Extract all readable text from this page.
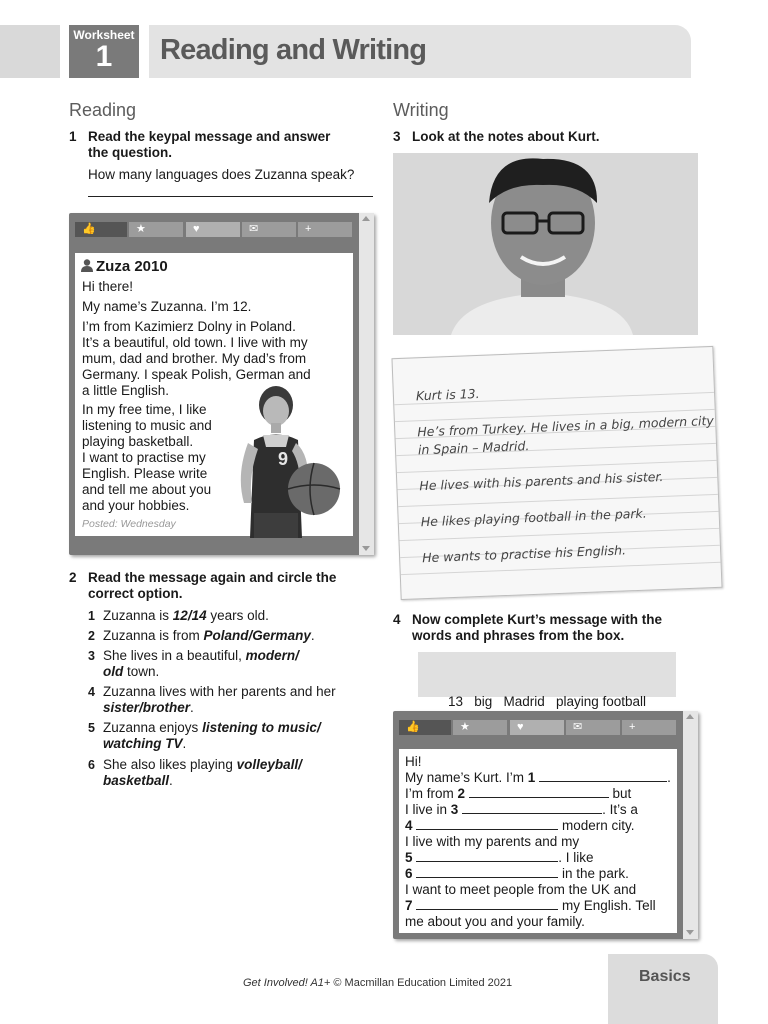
Worksheet
1	Reading and Writing
Reading
1 Read the keypal message and answer
the question.
How many languages does Zuzanna speak?
👍	★	♥	✉	+
Zuza 2010

Hi there!

My name’s Zuzanna. I’m 12.

I’m from Kazimierz Dolny in Poland.
It’s a beautiful, old town. I live with my
mum, dad and brother. My dad’s from
Germany. I speak Polish, German and
a little English.

In my free time, I like
listening to music and
playing basketball.
I want to practise my
English. Please write
and tell me about you
and your hobbies.

Posted: Wednesday
9
2 Read the message again and circle the
correct option.
1 Zuzanna is 12/14 years old.
2 Zuzanna is from Poland/Germany.
3 She lives in a beautiful, modern/
old town.
4 Zuzanna lives with her parents and her
sister/brother.
5 Zuzanna enjoys listening to music/
watching TV.
6 She also likes playing volleyball/
basketball.
Writing
3 Look at the notes about Kurt.
Kurt is 13.
He’s from Turkey. He lives in a big, modern city
in Spain – Madrid.
He lives with his parents and his sister.
He likes playing football in the park.
He wants to practise his English.
4 Now complete Kurt’s message with the
words and phrases from the box.

13   big   Madrid   playing football

👍	★	♥	✉	+
Hi!
My name’s Kurt. I’m 1	.
I’m from 2	but
I live in 3	. It’s a
4	modern city.
I live with my parents and my
5	. I like
6	in the park.
I want to meet people from the UK and
7	my English. Tell
me about you and your family.
Get Involved! A1+ © Macmillan Education Limited 2021	Basics
